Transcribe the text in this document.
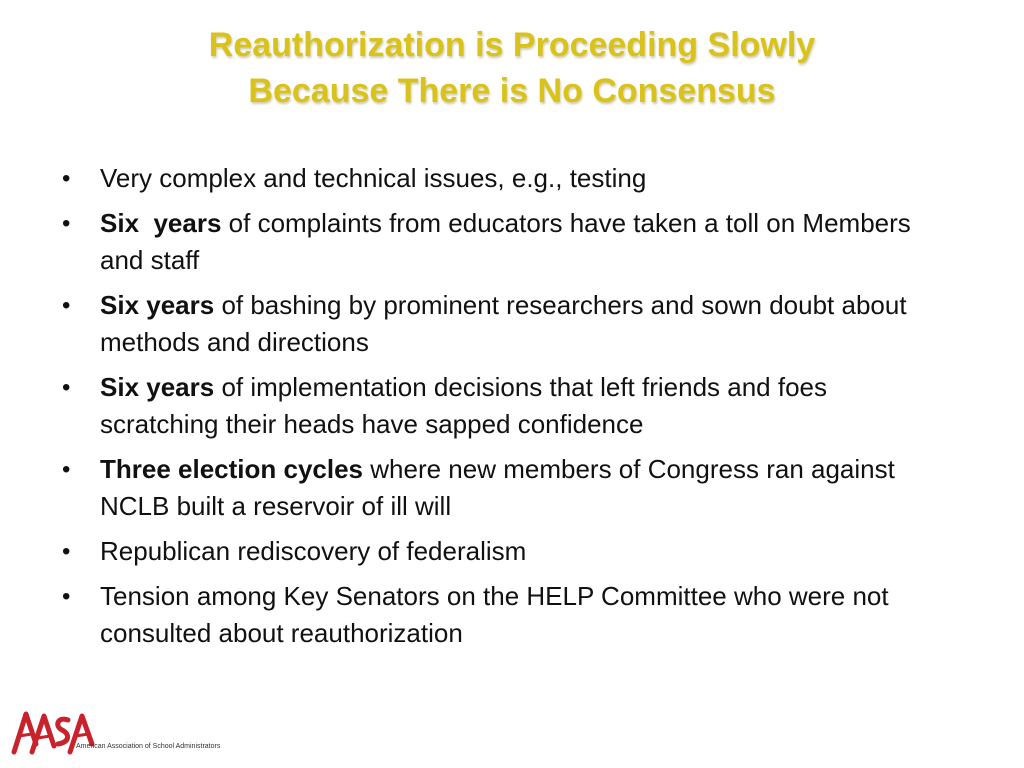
Reauthorization is Proceeding Slowly
Because There is No Consensus
• Very complex and technical issues, e.g., testing
• Six  years of complaints from educators have taken a toll on Members and staff
• Six years of bashing by prominent researchers and sown doubt about methods and directions
• Six years of implementation decisions that left friends and foes scratching their heads have sapped confidence
• Three election cycles where new members of Congress ran against NCLB built a reservoir of ill will
• Republican rediscovery of federalism
• Tension among Key Senators on the HELP Committee who were not consulted about reauthorization
American Association of School Administrators
